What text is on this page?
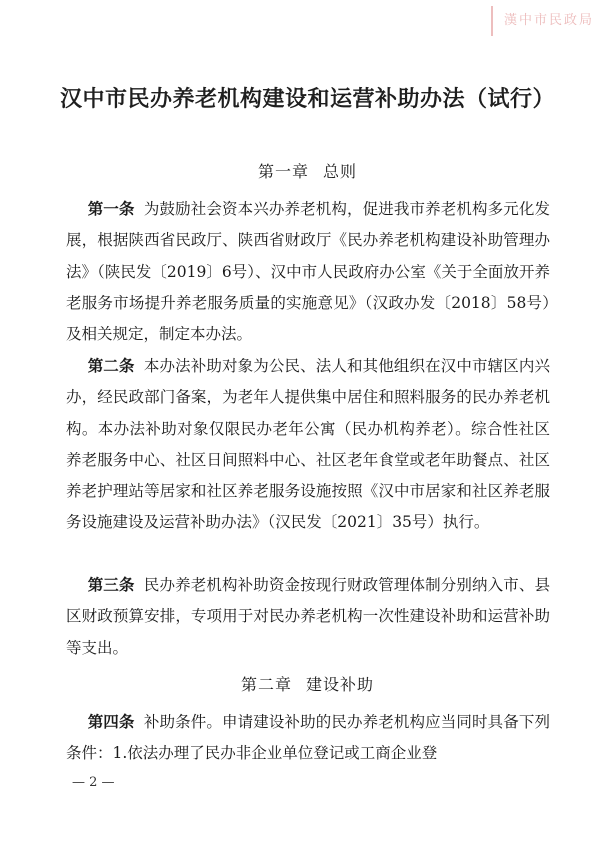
漢中市民政局
汉中市民办养老机构建设和运营补助办法（试行）
第一章 总则
第一条 为鼓励社会资本兴办养老机构，促进我市养老机构多元化发展，根据陕西省民政厅、陕西省财政厅《民办养老机构建设补助管理办法》（陕民发〔2019〕6号）、汉中市人民政府办公室《关于全面放开养老服务市场提升养老服务质量的实施意见》（汉政办发〔2018〕58号）及相关规定，制定本办法。
第二条 本办法补助对象为公民、法人和其他组织在汉中市辖区内兴办，经民政部门备案，为老年人提供集中居住和照料服务的民办养老机构。本办法补助对象仅限民办老年公寓（民办机构养老）。综合性社区养老服务中心、社区日间照料中心、社区老年食堂或老年助餐点、社区养老护理站等居家和社区养老服务设施按照《汉中市居家和社区养老服务设施建设及运营补助办法》（汉民发〔2021〕35号）执行。
第三条 民办养老机构补助资金按现行财政管理体制分别纳入市、县区财政预算安排，专项用于对民办养老机构一次性建设补助和运营补助等支出。
第二章 建设补助
第四条 补助条件。申请建设补助的民办养老机构应当同时具备下列条件：1.依法办理了民办非企业单位登记或工商企业登
— 2 —
